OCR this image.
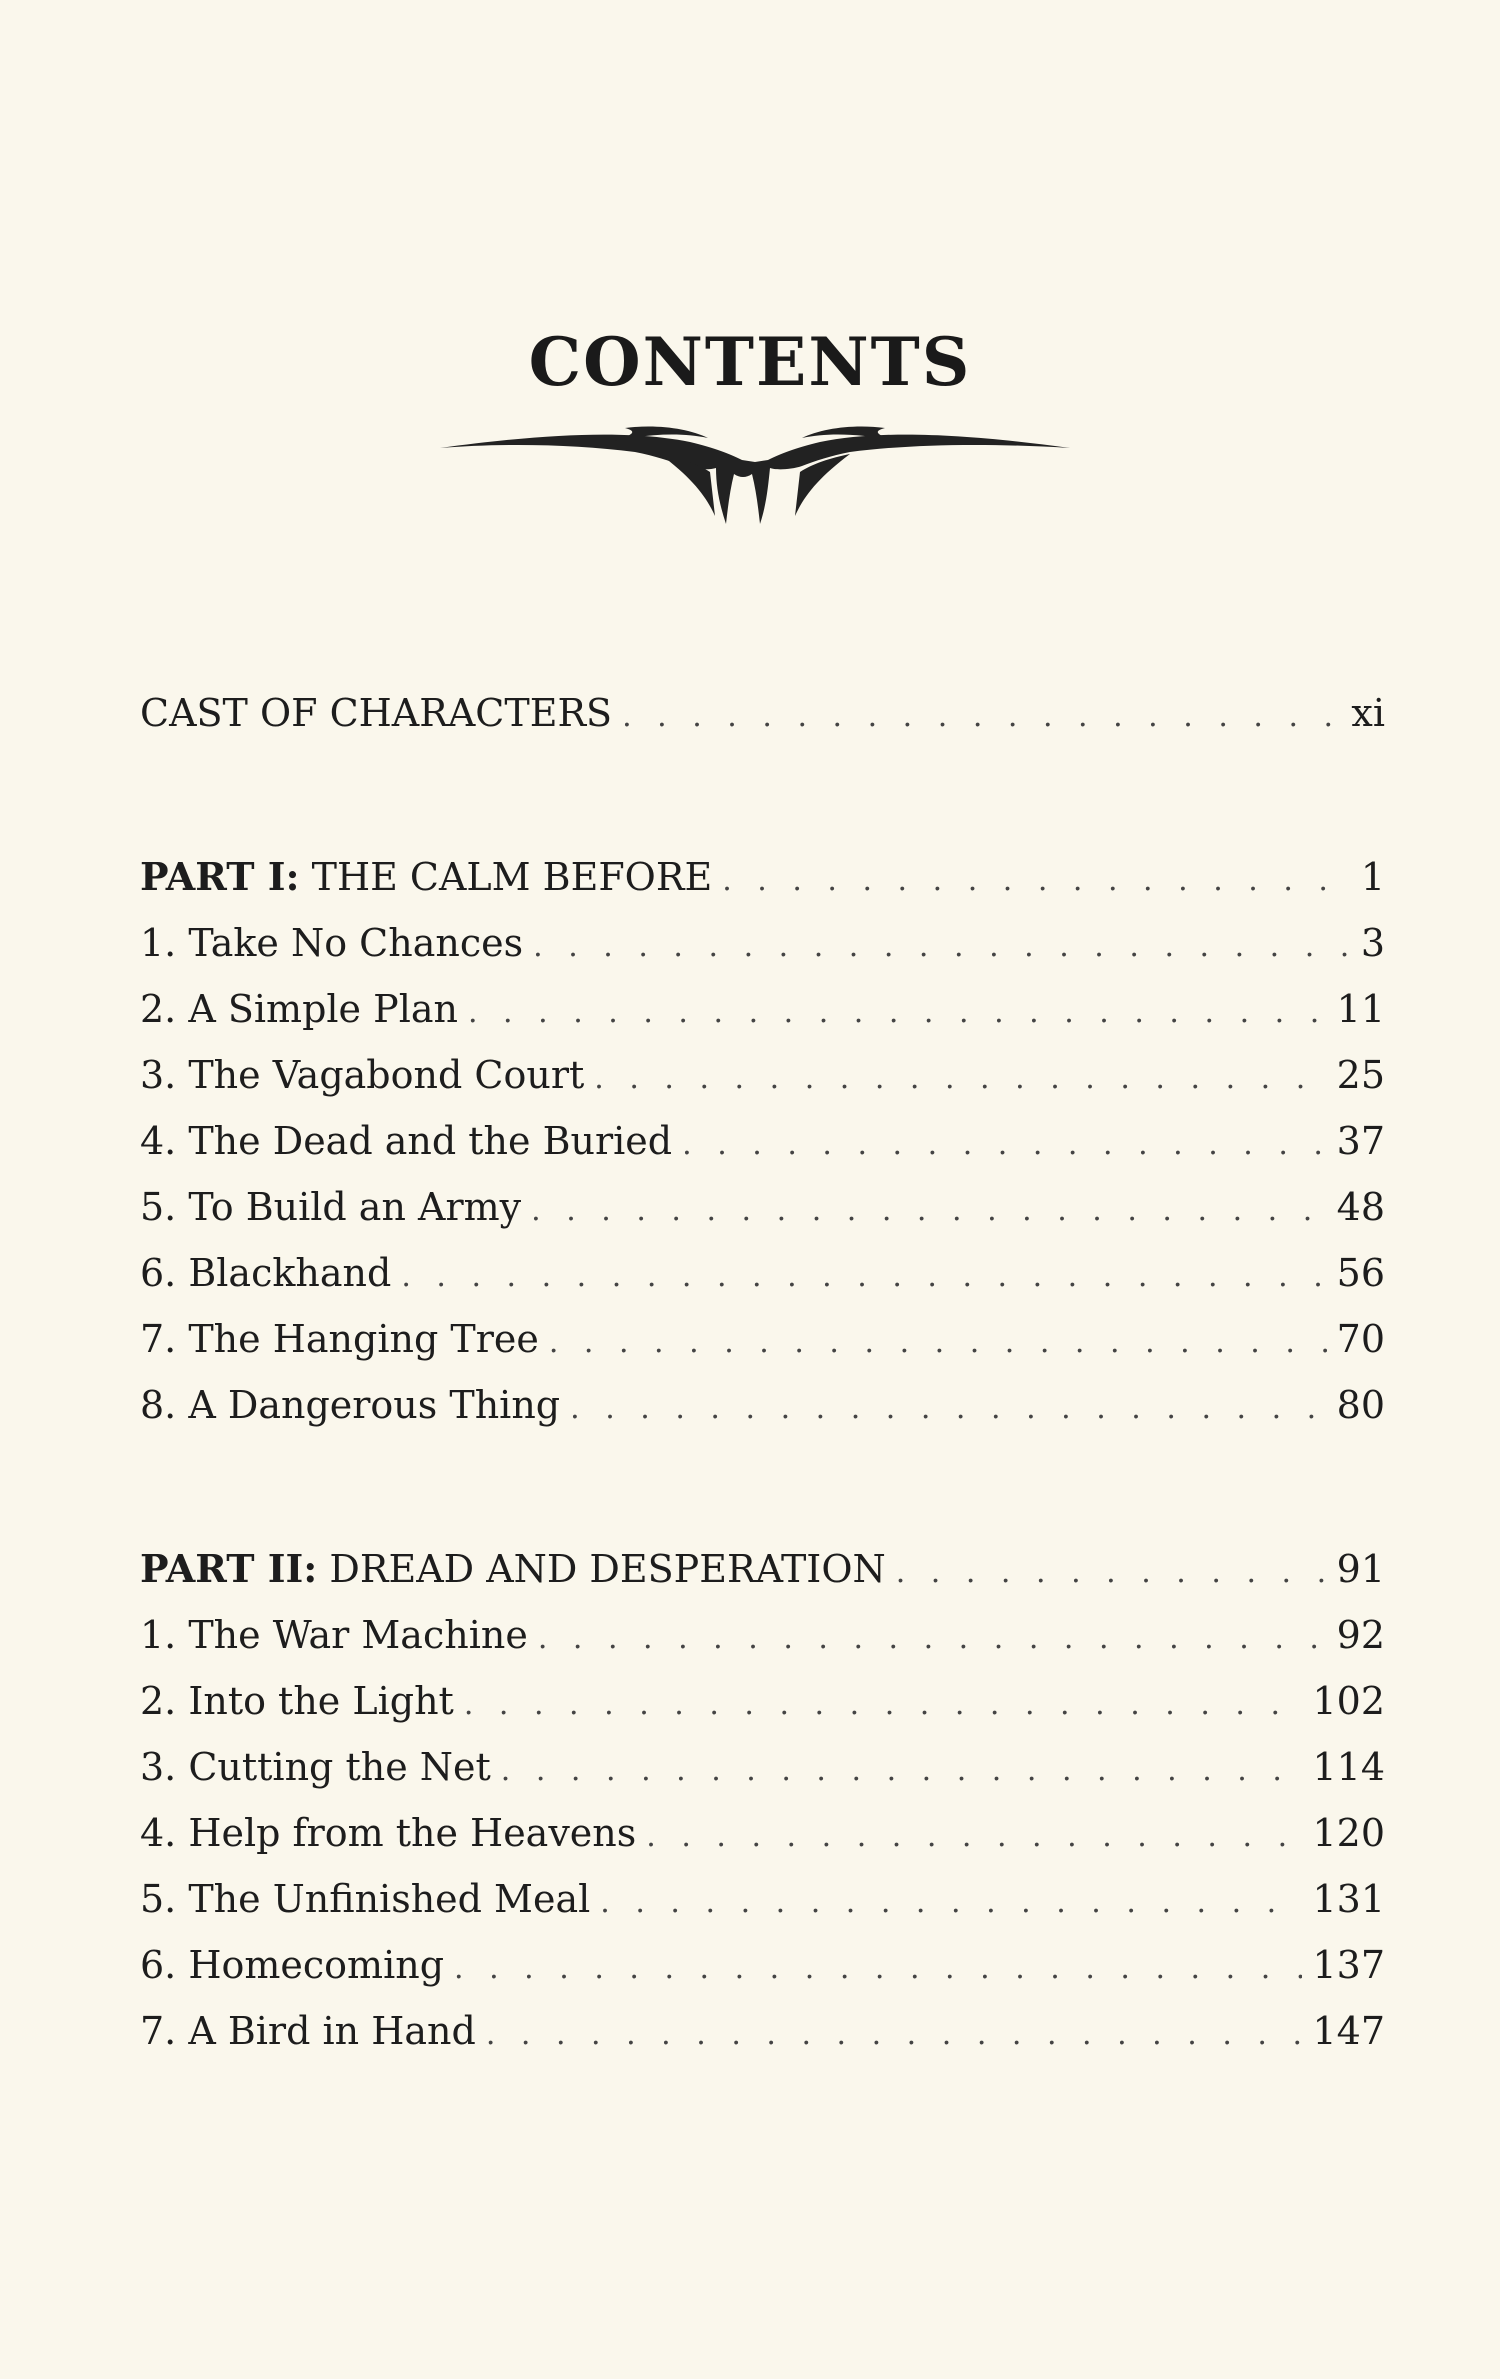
CONTENTS
CAST OF CHARACTERS . . .	xi
PART I: THE CALM BEFORE . . .	1
1. Take No Chances . . .	3
2. A Simple Plan . . .	11
3. The Vagabond Court . . .	25
4. The Dead and the Buried . . .	37
5. To Build an Army . . .	48
6. Blackhand . . .	56
7. The Hanging Tree . . .	70
8. A Dangerous Thing . . .	80
PART II: DREAD AND DESPERATION . . .	91
1. The War Machine . . .	92
2. Into the Light . . .	102
3. Cutting the Net . . .	114
4. Help from the Heavens . . .	120
5. The Unfinished Meal . . .	131
6. Homecoming . . .	137
7. A Bird in Hand . . .	147
